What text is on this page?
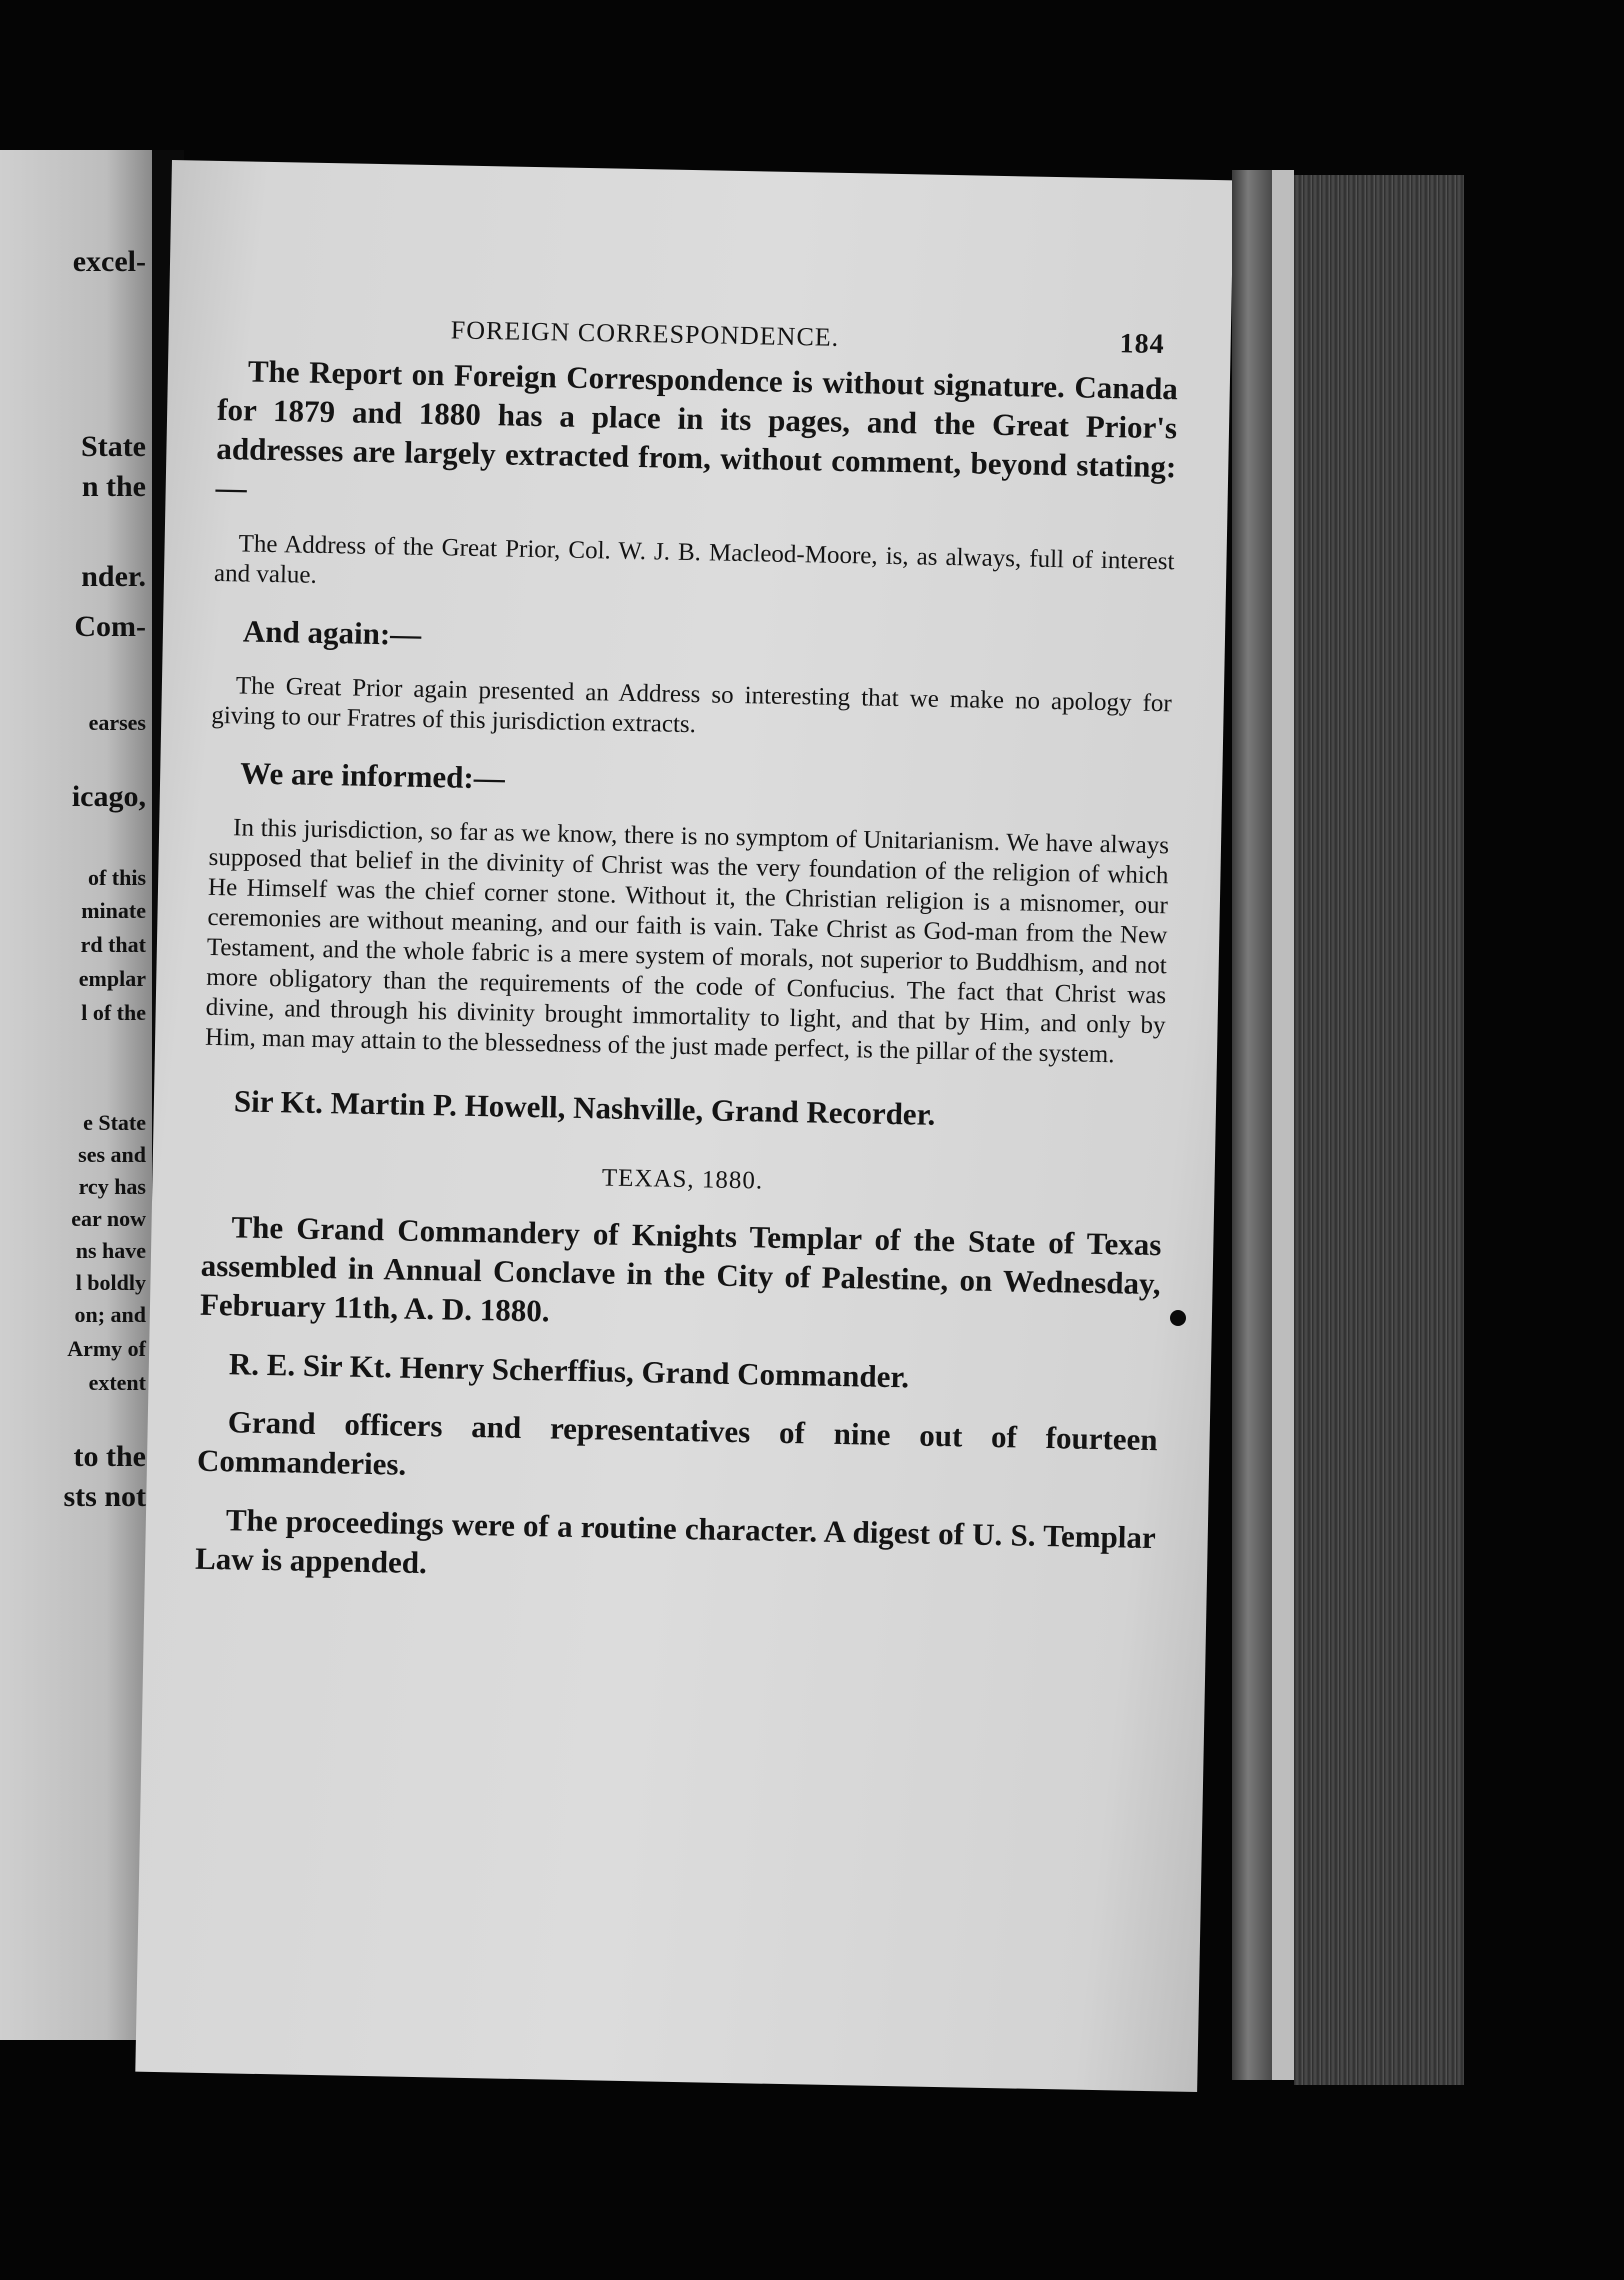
excel-
State
n the
nder.
Com-
earses
icago,
of this
minate
rd that
emplar
l of the
e State
ses and
rcy has
ear now
ns have
l boldly
on; and
Army of
extent
to the
sts not
FOREIGN CORRESPONDENCE.	184

The Report on Foreign Correspondence is without signature. Canada for 1879 and 1880 has a place in its pages, and the Great Prior's addresses are largely extracted from, without comment, beyond stating:—

The Address of the Great Prior, Col. W. J. B. Macleod-Moore, is, as always, full of interest and value.

And again:—

The Great Prior again presented an Address so interesting that we make no apology for giving to our Fratres of this jurisdiction extracts.

We are informed:—

In this jurisdiction, so far as we know, there is no symptom of Unitarianism. We have always supposed that belief in the divinity of Christ was the very foundation of the religion of which He Himself was the chief corner stone. Without it, the Christian religion is a misnomer, our ceremonies are without meaning, and our faith is vain. Take Christ as God-man from the New Testament, and the whole fabric is a mere system of morals, not superior to Buddhism, and not more obligatory than the requirements of the code of Confucius. The fact that Christ was divine, and through his divinity brought immortality to light, and that by Him, and only by Him, man may attain to the blessedness of the just made perfect, is the pillar of the system.

Sir Kt. Martin P. Howell, Nashville, Grand Recorder.
TEXAS, 1880.

The Grand Commandery of Knights Templar of the State of Texas assembled in Annual Conclave in the City of Palestine, on Wednesday, February 11th, A. D. 1880.

R. E. Sir Kt. Henry Scherffius, Grand Commander.

Grand officers and representatives of nine out of fourteen Commanderies.

The proceedings were of a routine character. A digest of U. S. Templar Law is appended.
